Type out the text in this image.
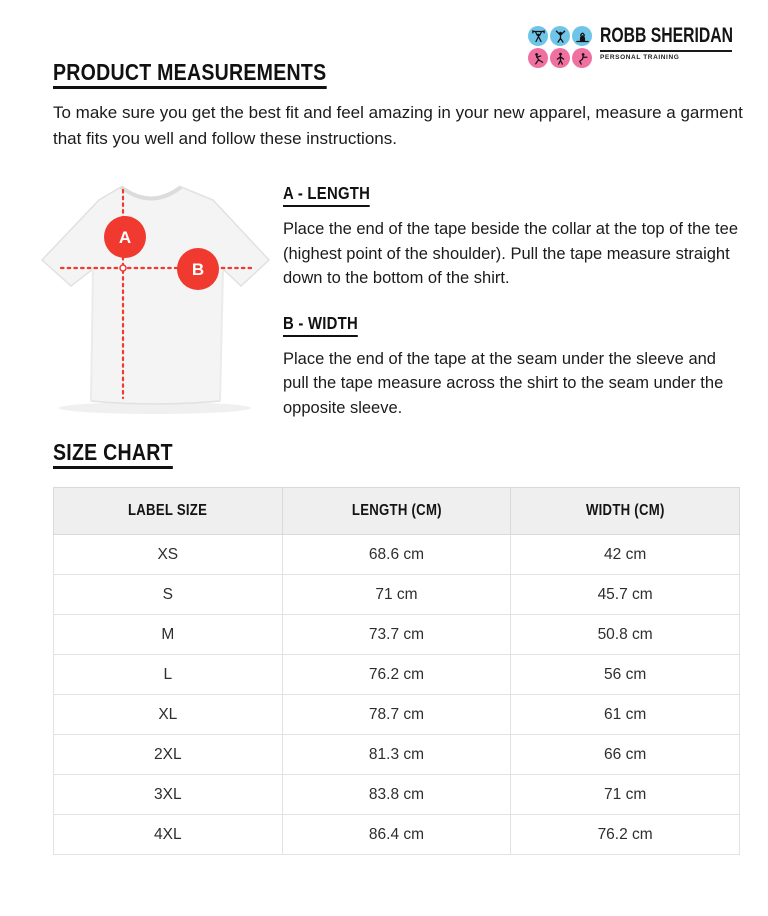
ROBB SHERIDAN
PERSONAL TRAINING
PRODUCT MEASUREMENTS

To make sure you get the best fit and feel amazing in your new apparel, measure a garment that fits you well and follow these instructions.

A
B
A - LENGTH

Place the end of the tape beside the collar at the top of the tee (highest point of the shoulder). Pull the tape measure straight down to the bottom of the shirt.

B - WIDTH

Place the end of the tape at the seam under the sleeve and pull the tape measure across the shirt to the seam under the opposite sleeve.

SIZE CHART
LABEL SIZE	LENGTH (CM)	WIDTH (CM)
XS	68.6 cm	42 cm
S	71 cm	45.7 cm
M	73.7 cm	50.8 cm
L	76.2 cm	56 cm
XL	78.7 cm	61 cm
2XL	81.3 cm	66 cm
3XL	83.8 cm	71 cm
4XL	86.4 cm	76.2 cm
